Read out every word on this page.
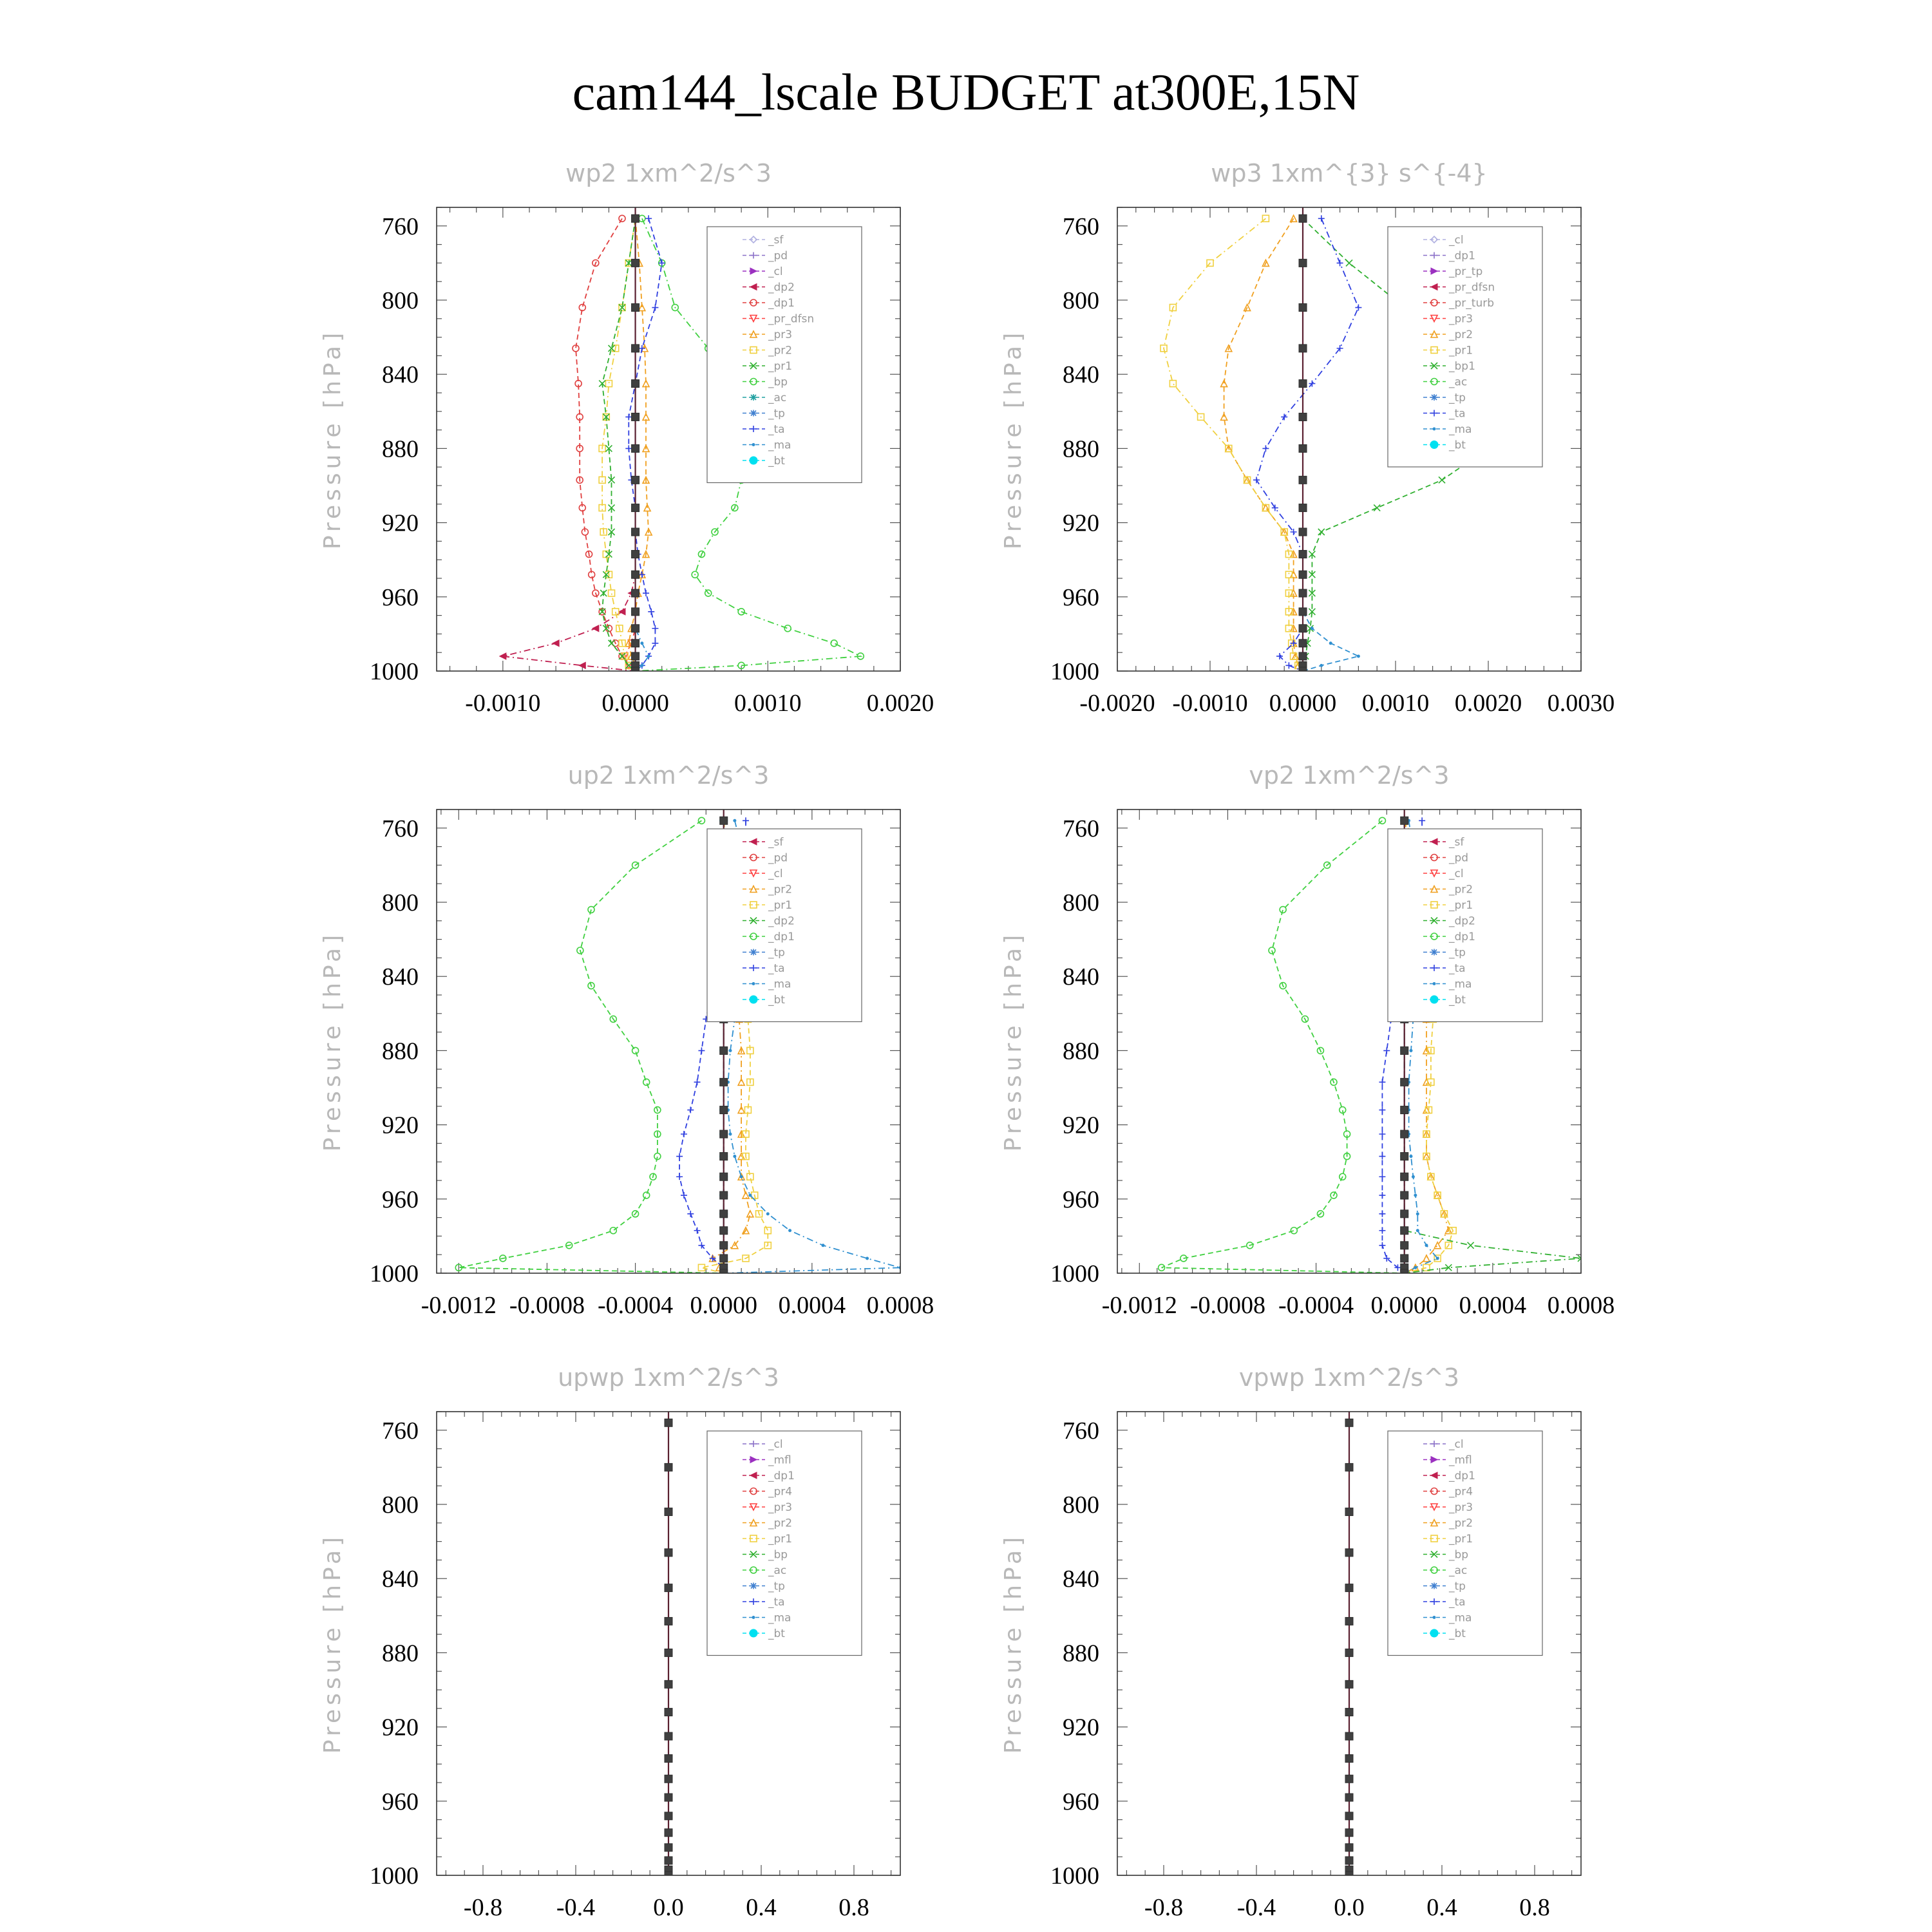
cam144_lscale BUDGET at300E,15N
wp2 1xm^2/s^3
Pressure [hPa]
760
800
840
880
920
960
1000
-0.0010 0.0000	0.0010	0.0020
_sf
_pd
_cl
_dp2
_dp1
_pr_dfsn
_pr3
_pr2
_pr1
_bp
_ac
_tp
_ta
_ma
_bt
wp3 1xm^{3} s^{-4}
Pressure [hPa]
760
800
840
880
920
960
1000
-0.0020 -0.0010 0.0000 0.0010 0.0020 0.0030
_cl
_dp1
_pr_tp
_pr_dfsn
_pr_turb
_pr3
_pr2
_pr1
_bp1
_ac
_tp
_ta
_ma
_bt
up2 1xm^2/s^3
Pressure [hPa]
760
800
840
880
920
960
1000
-0.0012 -0.0008 -0.0004 0.0000 0.0004 0.0008
_sf
_pd
_cl
_pr2
_pr1
_dp2
_dp1
_tp
_ta
_ma
_bt
vp2 1xm^2/s^3
Pressure [hPa]
760
800
840
880
920
960
1000
-0.0012 -0.0008 -0.0004 0.0000 0.0004 0.0008
_sf
_pd
_cl
_pr2
_pr1
_dp2
_dp1
_tp
_ta
_ma
_bt
upwp 1xm^2/s^3
Pressure [hPa]
760
800
840
880
920
960
1000
-0.8 -0.4 0.0	0.4	0.8
_cl
_mfl
_dp1
_pr4
_pr3
_pr2
_pr1
_bp
_ac
_tp
_ta
_ma
_bt
vpwp 1xm^2/s^3
Pressure [hPa]
760
800
840
880
920
960
1000
-0.8 -0.4 0.0	0.4	0.8
_cl
_mfl
_dp1
_pr4
_pr3
_pr2
_pr1
_bp
_ac
_tp
_ta
_ma
_bt
